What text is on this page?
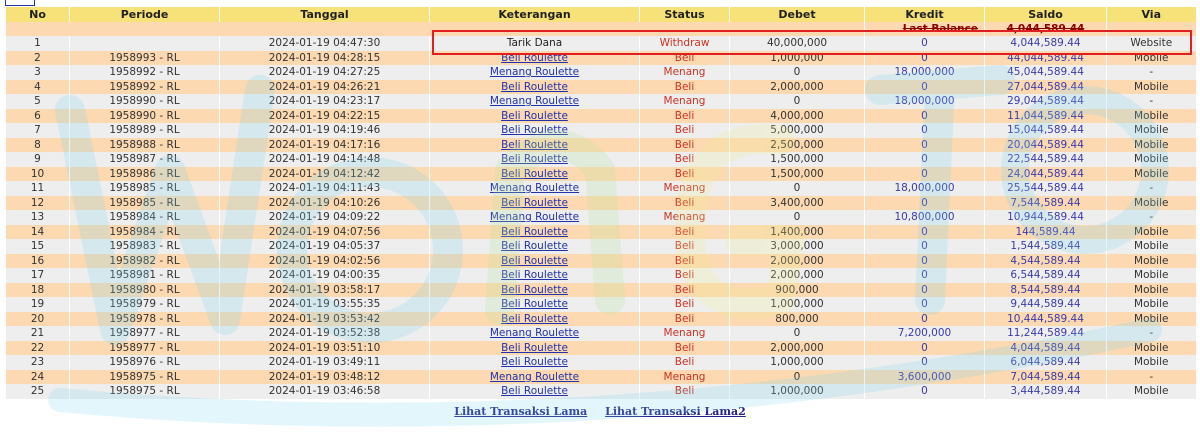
No	Periode	Tanggal	Keterangan	Status	Debet	Kredit	Saldo	Via
						Last Balance	4,044,589.44	
1		2024-01-19 04:47:30	Tarik Dana	Withdraw	40,000,000	0	4,044,589.44	Website
2	1958993 - RL	2024-01-19 04:28:15	Beli Roulette	Beli	1,000,000	0	44,044,589.44	Mobile
3	1958992 - RL	2024-01-19 04:27:25	Menang Roulette	Menang	0	18,000,000	45,044,589.44	-
4	1958992 - RL	2024-01-19 04:26:21	Beli Roulette	Beli	2,000,000	0	27,044,589.44	Mobile
5	1958990 - RL	2024-01-19 04:23:17	Menang Roulette	Menang	0	18,000,000	29,044,589.44	-
6	1958990 - RL	2024-01-19 04:22:15	Beli Roulette	Beli	4,000,000	0	11,044,589.44	Mobile
7	1958989 - RL	2024-01-19 04:19:46	Beli Roulette	Beli	5,000,000	0	15,044,589.44	Mobile
8	1958988 - RL	2024-01-19 04:17:16	Beli Roulette	Beli	2,500,000	0	20,044,589.44	Mobile
9	1958987 - RL	2024-01-19 04:14:48	Beli Roulette	Beli	1,500,000	0	22,544,589.44	Mobile
10	1958986 - RL	2024-01-19 04:12:42	Beli Roulette	Beli	1,500,000	0	24,044,589.44	Mobile
11	1958985 - RL	2024-01-19 04:11:43	Menang Roulette	Menang	0	18,000,000	25,544,589.44	-
12	1958985 - RL	2024-01-19 04:10:26	Beli Roulette	Beli	3,400,000	0	7,544,589.44	Mobile
13	1958984 - RL	2024-01-19 04:09:22	Menang Roulette	Menang	0	10,800,000	10,944,589.44	-
14	1958984 - RL	2024-01-19 04:07:56	Beli Roulette	Beli	1,400,000	0	144,589.44	Mobile
15	1958983 - RL	2024-01-19 04:05:37	Beli Roulette	Beli	3,000,000	0	1,544,589.44	Mobile
16	1958982 - RL	2024-01-19 04:02:56	Beli Roulette	Beli	2,000,000	0	4,544,589.44	Mobile
17	1958981 - RL	2024-01-19 04:00:35	Beli Roulette	Beli	2,000,000	0	6,544,589.44	Mobile
18	1958980 - RL	2024-01-19 03:58:17	Beli Roulette	Beli	900,000	0	8,544,589.44	Mobile
19	1958979 - RL	2024-01-19 03:55:35	Beli Roulette	Beli	1,000,000	0	9,444,589.44	Mobile
20	1958978 - RL	2024-01-19 03:53:42	Beli Roulette	Beli	800,000	0	10,444,589.44	Mobile
21	1958977 - RL	2024-01-19 03:52:38	Menang Roulette	Menang	0	7,200,000	11,244,589.44	-
22	1958977 - RL	2024-01-19 03:51:10	Beli Roulette	Beli	2,000,000	0	4,044,589.44	Mobile
23	1958976 - RL	2024-01-19 03:49:11	Beli Roulette	Beli	1,000,000	0	6,044,589.44	Mobile
24	1958975 - RL	2024-01-19 03:48:12	Menang Roulette	Menang	0	3,600,000	7,044,589.44	-
25	1958975 - RL	2024-01-19 03:46:58	Beli Roulette	Beli	1,000,000	0	3,444,589.44	Mobile
Lihat Transaksi Lama Lihat Transaksi Lama2
